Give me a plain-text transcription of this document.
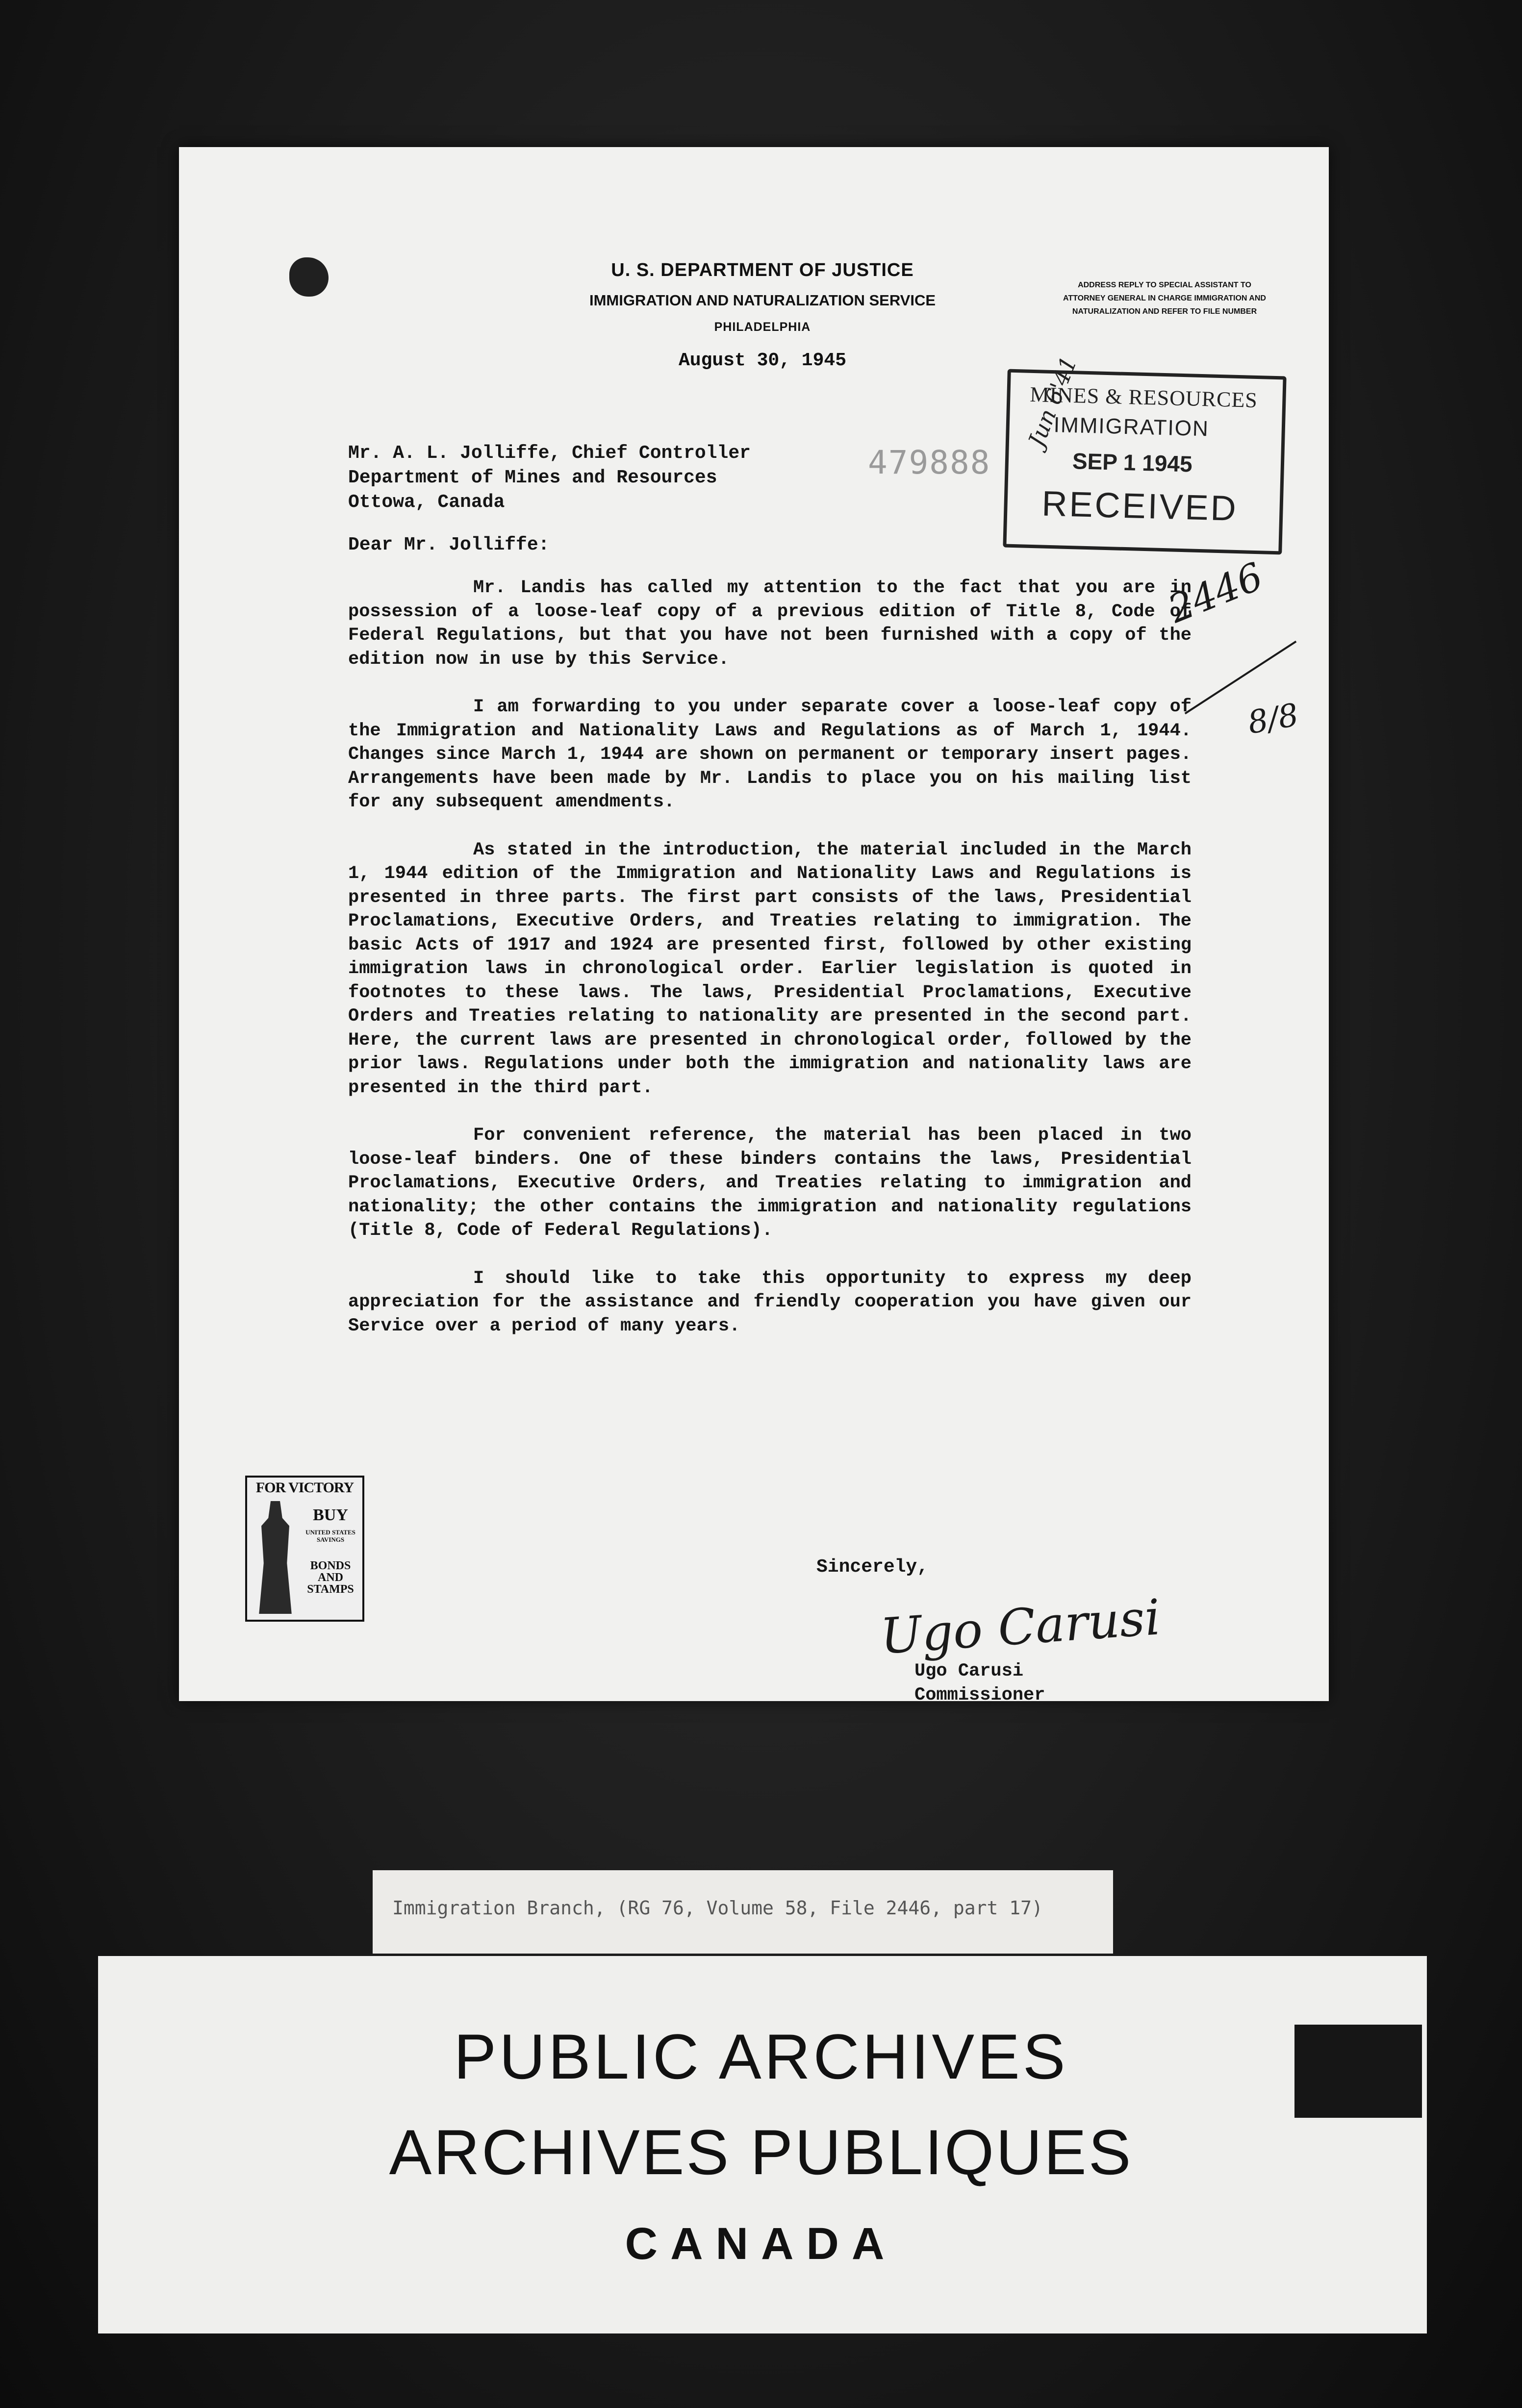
U. S. DEPARTMENT OF JUSTICE
IMMIGRATION AND NATURALIZATION SERVICE
PHILADELPHIA
August 30, 1945
ADDRESS REPLY TO SPECIAL ASSISTANT TO ATTORNEY GENERAL IN CHARGE IMMIGRATION AND NATURALIZATION AND REFER TO FILE NUMBER
MINES & RESOURCES
IMMIGRATION
SEP 1 1945
RECEIVED
Jun 6'41
479888
Mr. A. L. Jolliffe, Chief Controller
Department of Mines and Resources
Ottowa, Canada
Dear Mr. Jolliffe:

Mr. Landis has called my attention to the fact that you are in possession of a loose-leaf copy of a previous edition of Title 8, Code of Federal Regulations, but that you have not been furnished with a copy of the edition now in use by this Service.

I am forwarding to you under separate cover a loose-leaf copy of the Immigration and Nationality Laws and Regulations as of March 1, 1944. Changes since March 1, 1944 are shown on permanent or temporary insert pages. Arrangements have been made by Mr. Landis to place you on his mailing list for any subsequent amendments.

As stated in the introduction, the material included in the March 1, 1944 edition of the Immigration and Nationality Laws and Regulations is presented in three parts. The first part consists of the laws, Presidential Proclamations, Executive Orders, and Treaties relating to immigration. The basic Acts of 1917 and 1924 are presented first, followed by other existing immigration laws in chronological order. Earlier legislation is quoted in footnotes to these laws. The laws, Presidential Proclamations, Executive Orders and Treaties relating to nationality are presented in the second part. Here, the current laws are presented in chronological order, followed by the prior laws. Regulations under both the immigration and nationality laws are presented in the third part.

For convenient reference, the material has been placed in two loose-leaf binders. One of these binders contains the laws, Presidential Proclamations, Executive Orders, and Treaties relating to immigration and nationality; the other contains the immigration and nationality regulations (Title 8, Code of Federal Regulations).

I should like to take this opportunity to express my deep appreciation for the assistance and friendly cooperation you have given our Service over a period of many years.

2446
8/8
Sincerely,
Ugo Carusi
Ugo Carusi
Commissioner
FOR VICTORY
BUY
UNITED STATES SAVINGS
BONDS AND STAMPS
Immigration Branch, (RG 76, Volume 58, File 2446, part 17)
PUBLIC ARCHIVES
ARCHIVES PUBLIQUES
CANADA
